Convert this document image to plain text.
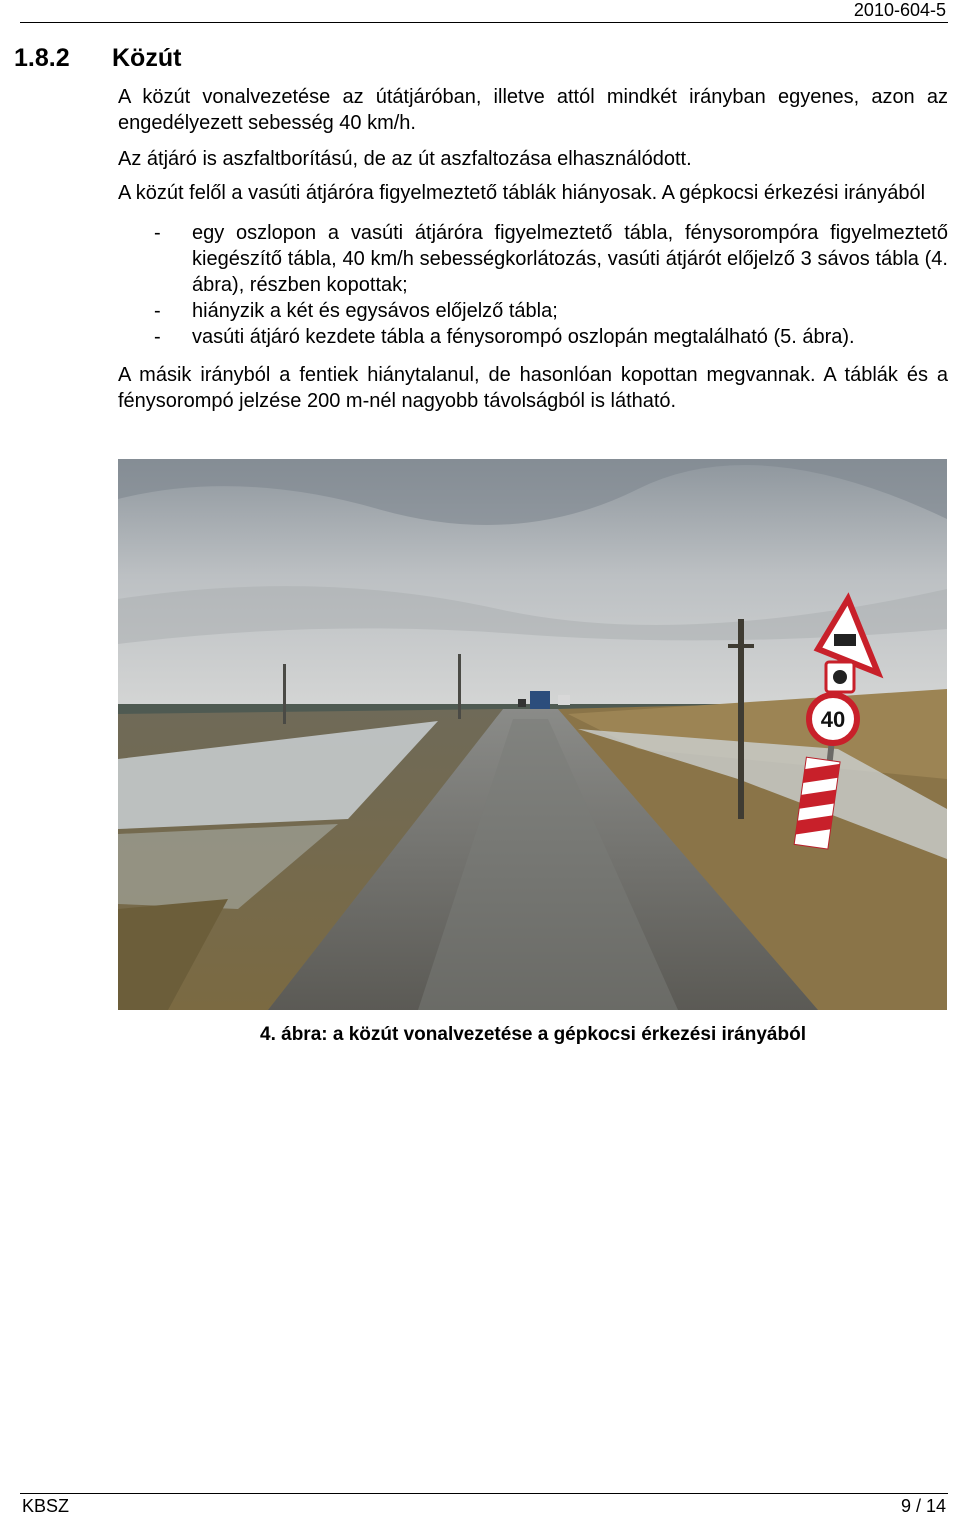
2010-604-5
1.8.2 Közút

A közút vonalvezetése az útátjáróban, illetve attól mindkét irányban egyenes, azon az engedélyezett sebesség 40 km/h.

Az átjáró is aszfaltborítású, de az út aszfaltozása elhasználódott.

A közút felől a vasúti átjáróra figyelmeztető táblák hiányosak. A gépkocsi érkezési irányából

- egy oszlopon a vasúti átjáróra figyelmeztető tábla, fénysorompóra figyelmeztető kiegészítő tábla, 40 km/h sebességkorlátozás, vasúti átjárót előjelző 3 sávos tábla (4. ábra), részben kopottak;
- hiányzik a két és egysávos előjelző tábla;
- vasúti átjáró kezdete tábla a fénysorompó oszlopán megtalálható (5. ábra).

A másik irányból a fentiek hiánytalanul, de hasonlóan kopottan megvannak. A táblák és a fénysorompó jelzése 200 m-nél nagyobb távolságból is látható.

40
4. ábra: a közút vonalvezetése a gépkocsi érkezési irányából
KBSZ	9 / 14
